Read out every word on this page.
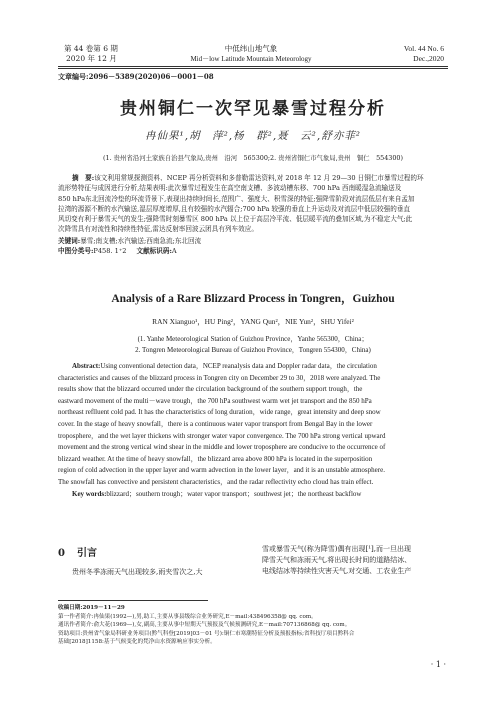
第 44 卷第 6 期
2020 年 12 月
中低纬山地气象
Mid－low Latitude Mountain Meteorology
Vol. 44 No. 6
Dec.,2020
文章编号:2096－5389(2020)06－0001－08
贵州铜仁一次罕见暴雪过程分析
冉仙果¹,胡　萍²,杨　群²,聂　云²,舒亦菲²
(1. 贵州省沿河土家族自治县气象局,贵州　沿河　565300;2. 贵州省铜仁市气象局,贵州　铜仁　554300)
摘　要:该文利用常规探测资料、NCEP 再分析资料和多普勒雷达资料,对 2018 年 12 月 29—30 日铜仁市暴雪过程的环
流形势特征与成因进行分析,结果表明:此次暴雪过程发生在高空南支槽、多波动槽东移、700 hPa 西南暖湿急流输送及
850 hPa东北回流冷垫的环流背景下,表现出持续时间长,范围广、强度大、积雪深的特征;强降雪阶段对流层低层有来自孟加
拉湾的源源不断的水汽输送,湿层厚度增厚,且有较强的水汽辐合;700 hPa 较强的垂直上升运动及对流层中低层较强的垂直
风切变有利于暴雪天气的发生;强降雪时刻暴雪区 800 hPa 以上位于高层冷平流、低层暖平流的叠加区域,为不稳定大气;此
次降雪具有对流性和持续性特征,雷达反射率回波云团具有列车效应。
关键词:暴雪;南支槽;水汽输送;西南急流;东北回流
中图分类号:P458. 1⁺2 文献标识码:A
Analysis of a Rare Blizzard Process in Tongren，Guizhou
RAN Xianguo¹，HU Ping²，YANG Qun²，NIE Yun²，SHU Yifei²
(1. Yanhe Meteorological Station of Guizhou Province，Yanhe 565300，China；
2. Tongren Meteorological Bureau of Guizhou Province，Tongren 554300，China)
Abstract:Using conventional detection data，NCEP reanalysis data and Doppler radar data，the circulation
characteristics and causes of the blizzard process in Tongren city on December 29 to 30，2018 were analyzed. The
results show that the blizzard occurred under the circulation background of the southern support trough，the
eastward movement of the multi－wave trough，the 700 hPa southwest warm wet jet transport and the 850 hPa
northeast reflluent cold pad. It has the characteristics of long duration，wide range，great intensity and deep snow
cover. In the stage of heavy snowfall，there is a continuous water vapor transport from Bengal Bay in the lower
troposphere，and the wet layer thickens with stronger water vapor convergence. The 700 hPa strong vertical upward
movement and the strong vertical wind shear in the middle and lower troposphere are conducive to the occurrence of
blizzard weather. At the time of heavy snowfall，the blizzard area above 800 hPa is located in the superposition
region of cold advection in the upper layer and warm advection in the lower layer，and it is an unstable atmosphere.
The snowfall has convective and persistent characteristics，and the radar reflectivity echo cloud has train effect.
Key words:blizzard；southern trough；water vapor transport；southwest jet；the northeast backflow
0 引言
贵州冬季冻雨天气出现较多,雨夹雪次之,大
雪或暴雪天气(称为降雪)偶有出现[¹],而一旦出现
降雪天气和冻雨天气,将出现长时间的道路结冰、
电线结冰等持续性灾害天气,对交通、工农业生产
收稿日期:2019－11－29
第一作者简介:冉仙果(1992—),男,助工,主要从事县级综合业务研究,E－mail:438496358@ qq. com。
通讯作者简介:俞大花(1969—),女,副高,主要从事中短期天气预报及气候预测研究,E－mail:707136868@ qq. com。
资助项目:贵州省气象局科研业务项目(黔气科登[2019]03－01 号):铜仁市寒潮特征分析及预报指标;省科技厅项目黔科合
基础[2018]1158:基于气候变化的梵净山水资源响应事实分析。
· 1 ·
